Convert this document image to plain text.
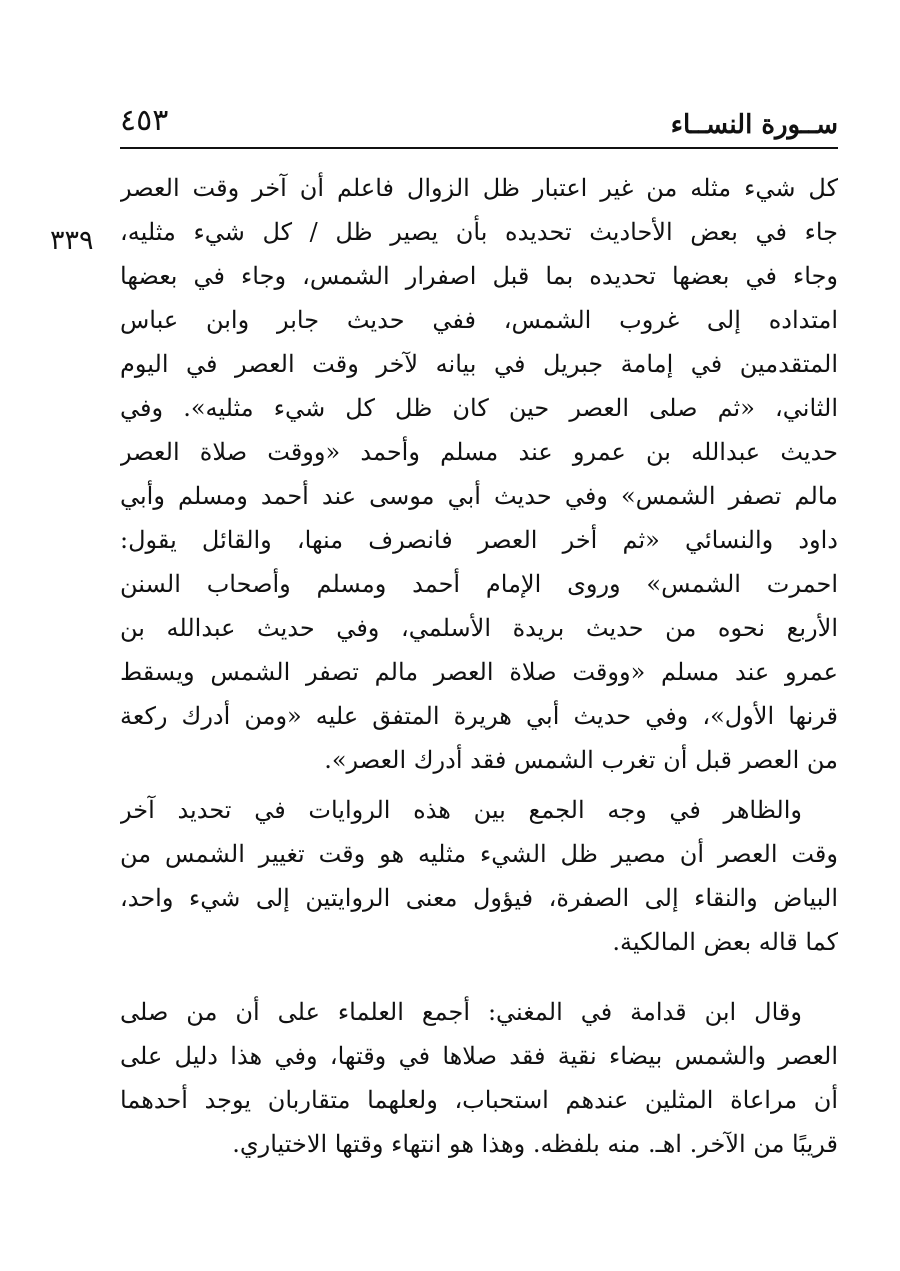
٤٥٣	ســورة النســاء
٣٣٩
كل شيء مثله من غير اعتبار ظل الزوال فاعلم أن آخر وقت العصر
جاء في بعض الأحاديث تحديده بأن يصير ظل / كل شيء مثليه،
وجاء في بعضها تحديده بما قبل اصفرار الشمس، وجاء في بعضها
امتداده إلى غروب الشمس، ففي حديث جابر وابن عباس
المتقدمين في إمامة جبريل في بيانه لآخر وقت العصر في اليوم
الثاني، «ثم صلى العصر حين كان ظل كل شيء مثليه». وفي
حديث عبدالله بن عمرو عند مسلم وأحمد «ووقت صلاة العصر
مالم تصفر الشمس» وفي حديث أبي موسى عند أحمد ومسلم وأبي
داود والنسائي «ثم أخر العصر فانصرف منها، والقائل يقول:
احمرت الشمس» وروى الإمام أحمد ومسلم وأصحاب السنن
الأربع نحوه من حديث بريدة الأسلمي، وفي حديث عبدالله بن
عمرو عند مسلم «ووقت صلاة العصر مالم تصفر الشمس ويسقط
قرنها الأول»، وفي حديث أبي هريرة المتفق عليه «ومن أدرك ركعة
من العصر قبل أن تغرب الشمس فقد أدرك العصر».
والظاهر في وجه الجمع بين هذه الروايات في تحديد آخر
وقت العصر أن مصير ظل الشيء مثليه هو وقت تغيير الشمس من
البياض والنقاء إلى الصفرة، فيؤول معنى الروايتين إلى شيء واحد،
كما قاله بعض المالكية.
وقال ابن قدامة في المغني: أجمع العلماء على أن من صلى
العصر والشمس بيضاء نقية فقد صلاها في وقتها، وفي هذا دليل على
أن مراعاة المثلين عندهم استحباب، ولعلهما متقاربان يوجد أحدهما
قريبًا من الآخر. اهـ. منه بلفظه. وهذا هو انتهاء وقتها الاختياري.
